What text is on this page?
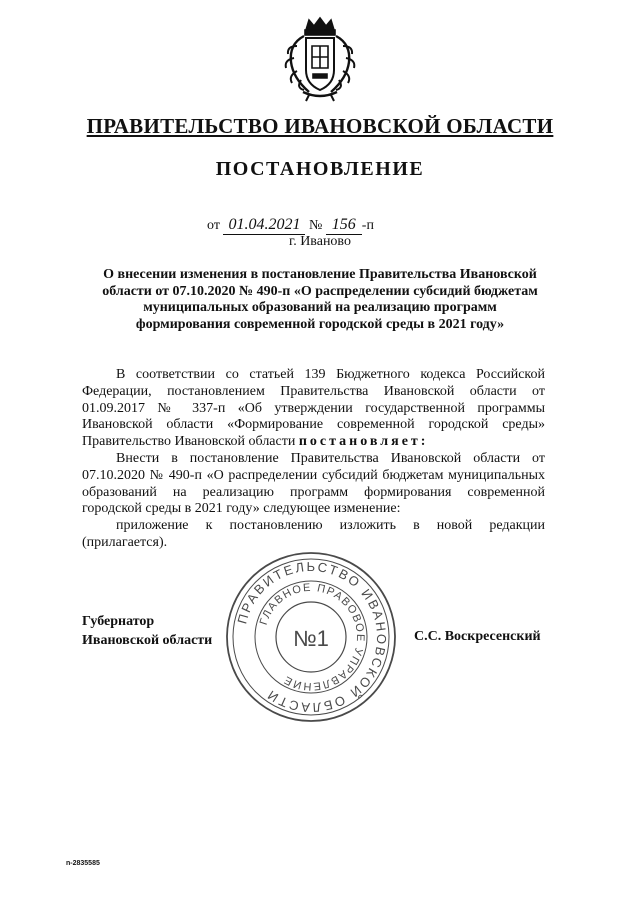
ПРАВИТЕЛЬСТВО ИВАНОВСКОЙ ОБЛАСТИ
ПОСТАНОВЛЕНИЕ
от 01.04.2021 № 156 -п
г. Иваново

О внесении изменения в постановление Правительства Ивановской области от 07.10.2020 № 490-п «О распределении субсидий бюджетам муниципальных образований на реализацию программ формирования современной городской среды в 2021 году»

В соответствии со статьей 139 Бюджетного кодекса Российской Федерации, постановлением Правительства Ивановской области от 01.09.2017 № 337-п «Об утверждении государственной программы Ивановской области «Формирование современной городской среды» Правительство Ивановской области постановляет:

Внести в постановление Правительства Ивановской области от 07.10.2020 № 490-п «О распределении субсидий бюджетам муниципальных образований на реализацию программ формирования современной городской среды в 2021 году» следующее изменение:

приложение к постановлению изложить в новой редакции (прилагается).

ПРАВИТЕЛЬСТВО ИВАНОВСКОЙ ОБЛАСТИ
ГЛАВНОЕ ПРАВОВОЕ УПРАВЛЕНИЕ
№1
Губернатор
Ивановской области	С.С. Воскресенский
n-2835585
